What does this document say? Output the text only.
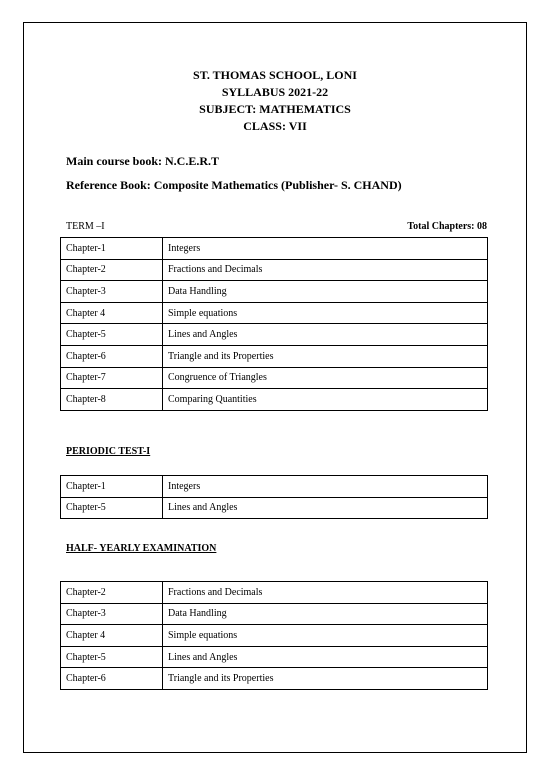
ST. THOMAS SCHOOL, LONI
SYLLABUS 2021-22
SUBJECT: MATHEMATICS
CLASS: VII
Main course book: N.C.E.R.T
Reference Book: Composite Mathematics (Publisher- S. CHAND)
TERM –I	Total Chapters: 08
Chapter-1	Integers
Chapter-2	Fractions and Decimals
Chapter-3	Data Handling
Chapter 4	Simple equations
Chapter-5	Lines and Angles
Chapter-6	Triangle and its Properties
Chapter-7	Congruence of Triangles
Chapter-8	Comparing Quantities
PERIODIC TEST-I
Chapter-1	Integers
Chapter-5	Lines and Angles
HALF- YEARLY EXAMINATION
Chapter-2	Fractions and Decimals
Chapter-3	Data Handling
Chapter 4	Simple equations
Chapter-5	Lines and Angles
Chapter-6	Triangle and its Properties
